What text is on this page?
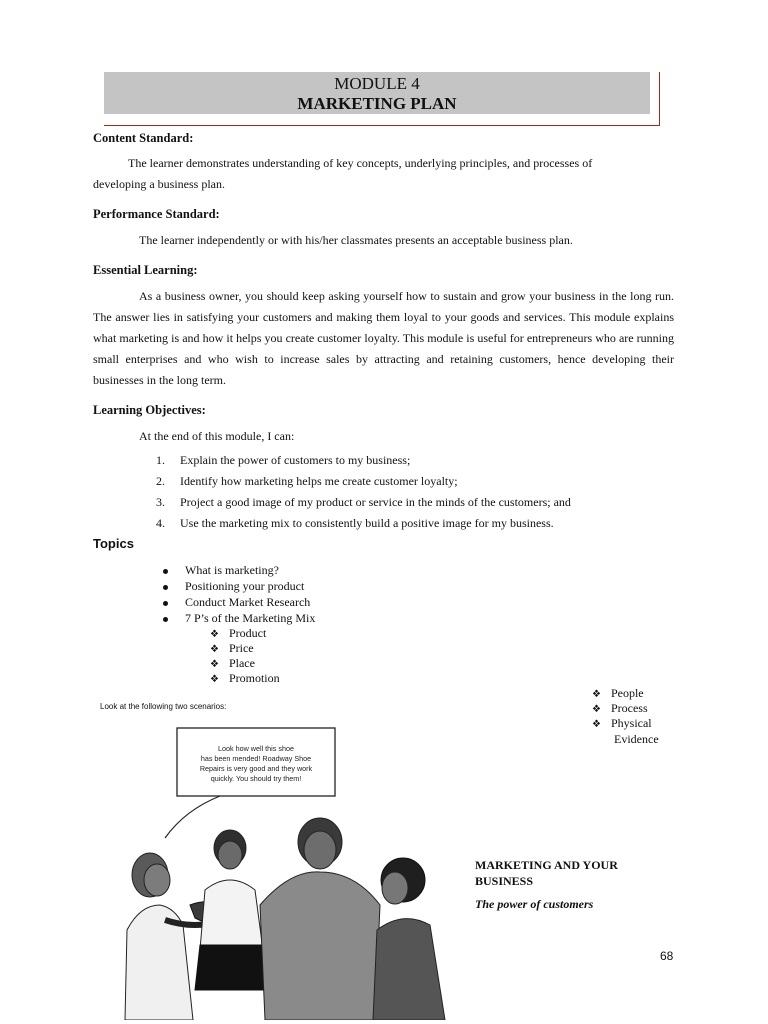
MODULE 4
MARKETING PLAN
Content Standard:
The learner demonstrates understanding of key concepts, underlying principles, and processes of
developing a business plan.
Performance Standard:
The learner independently or with his/her classmates presents an acceptable business plan.
Essential Learning:
As a business owner, you should keep asking yourself how to sustain and grow your business in the long run. The answer lies in satisfying your customers and making them loyal to your goods and services. This module explains what marketing is and how it helps you create customer loyalty. This module is useful for entrepreneurs who are running small enterprises and who wish to increase sales by attracting and retaining customers, hence developing their businesses in the long term.
Learning Objectives:
At the end of this module, I can:
1. Explain the power of customers to my business;
2. Identify how marketing helps me create customer loyalty;
3. Project a good image of my product or service in the minds of the customers; and
4. Use the marketing mix to consistently build a positive image for my business.
Topics
What is marketing?
Positioning your product
Conduct Market Research
7 P’s of the Marketing Mix
❖ Product
❖ Price
❖ Place
❖ Promotion
❖ People
❖ Process
❖ Physical
Evidence
Look at the following two scenarios:
Look how well this shoe
has been mended! Roadway Shoe
Repairs is very good and they work
quickly. You should try them!
MARKETING AND YOUR
BUSINESS
The power of customers
68
